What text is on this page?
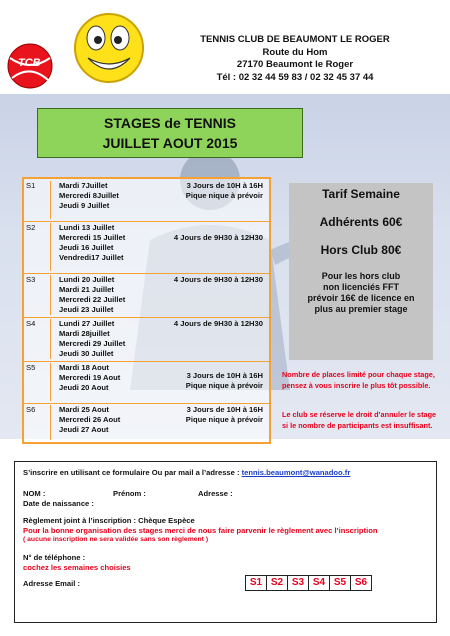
TCB
TENNIS CLUB DE BEAUMONT LE ROGER
Route du Hom
27170 Beaumont le Roger
Tél : 02 32 44 59 83 / 02 32 45 37 44
STAGES de TENNIS
JUILLET AOUT 2015
S1	Mardi 7Juillet
Mercredi 8Juillet
Jeudi 9 Juillet
3 Jours de 10H à 16H
Pique nique à prévoir
S2	Lundi 13 Juillet
Mercredi 15 Juillet
Jeudi 16 Juillet
Vendredi17 Juillet
4 Jours de 9H30 à 12H30
S3	Lundi 20 Juillet
Mardi 21 Juillet
Mercredi 22 Juillet
Jeudi 23 Juillet
4 Jours de 9H30 à 12H30
S4	Lundi 27 Juillet
Mardi 28juillet
Mercredi 29 Juillet
Jeudi 30 Juillet
4 Jours de 9H30 à 12H30
S5	Mardi 18 Aout
Mercredi 19 Aout
Jeudi 20 Aout
3 Jours de 10H à 16H
Pique nique à prévoir
S6	Mardi 25 Aout
Mercredi 26 Aout
Jeudi 27 Aout
3 Jours de 10H à 16H
Pique nique à prévoir
Tarif Semaine
Adhérents 60€
Hors Club 80€
Pour les hors club
non licenciés FFT
prévoir 16€ de licence en
plus au premier stage
Nombre de places limité pour chaque stage, pensez à vous inscrire le plus tôt possible.
Le club se réserve le droit d’annuler le stage si le nombre de participants est insuffisant.
S’inscrire en utilisant ce formulaire Ou par mail a l’adresse : tennis.beaumont@wanadoo.fr
NOM :	Prénom :	Adresse :
Date de naissance :
Règlement joint à l’inscription : Chèque Espèce
Pour la bonne organisation des stages merci de nous faire parvenir le règlement avec l’inscription
( aucune inscription ne sera validée sans son règlement )
N° de téléphone :
cochez les semaines choisies
Adresse Email :	S1 S2 S3 S4 S5 S6
